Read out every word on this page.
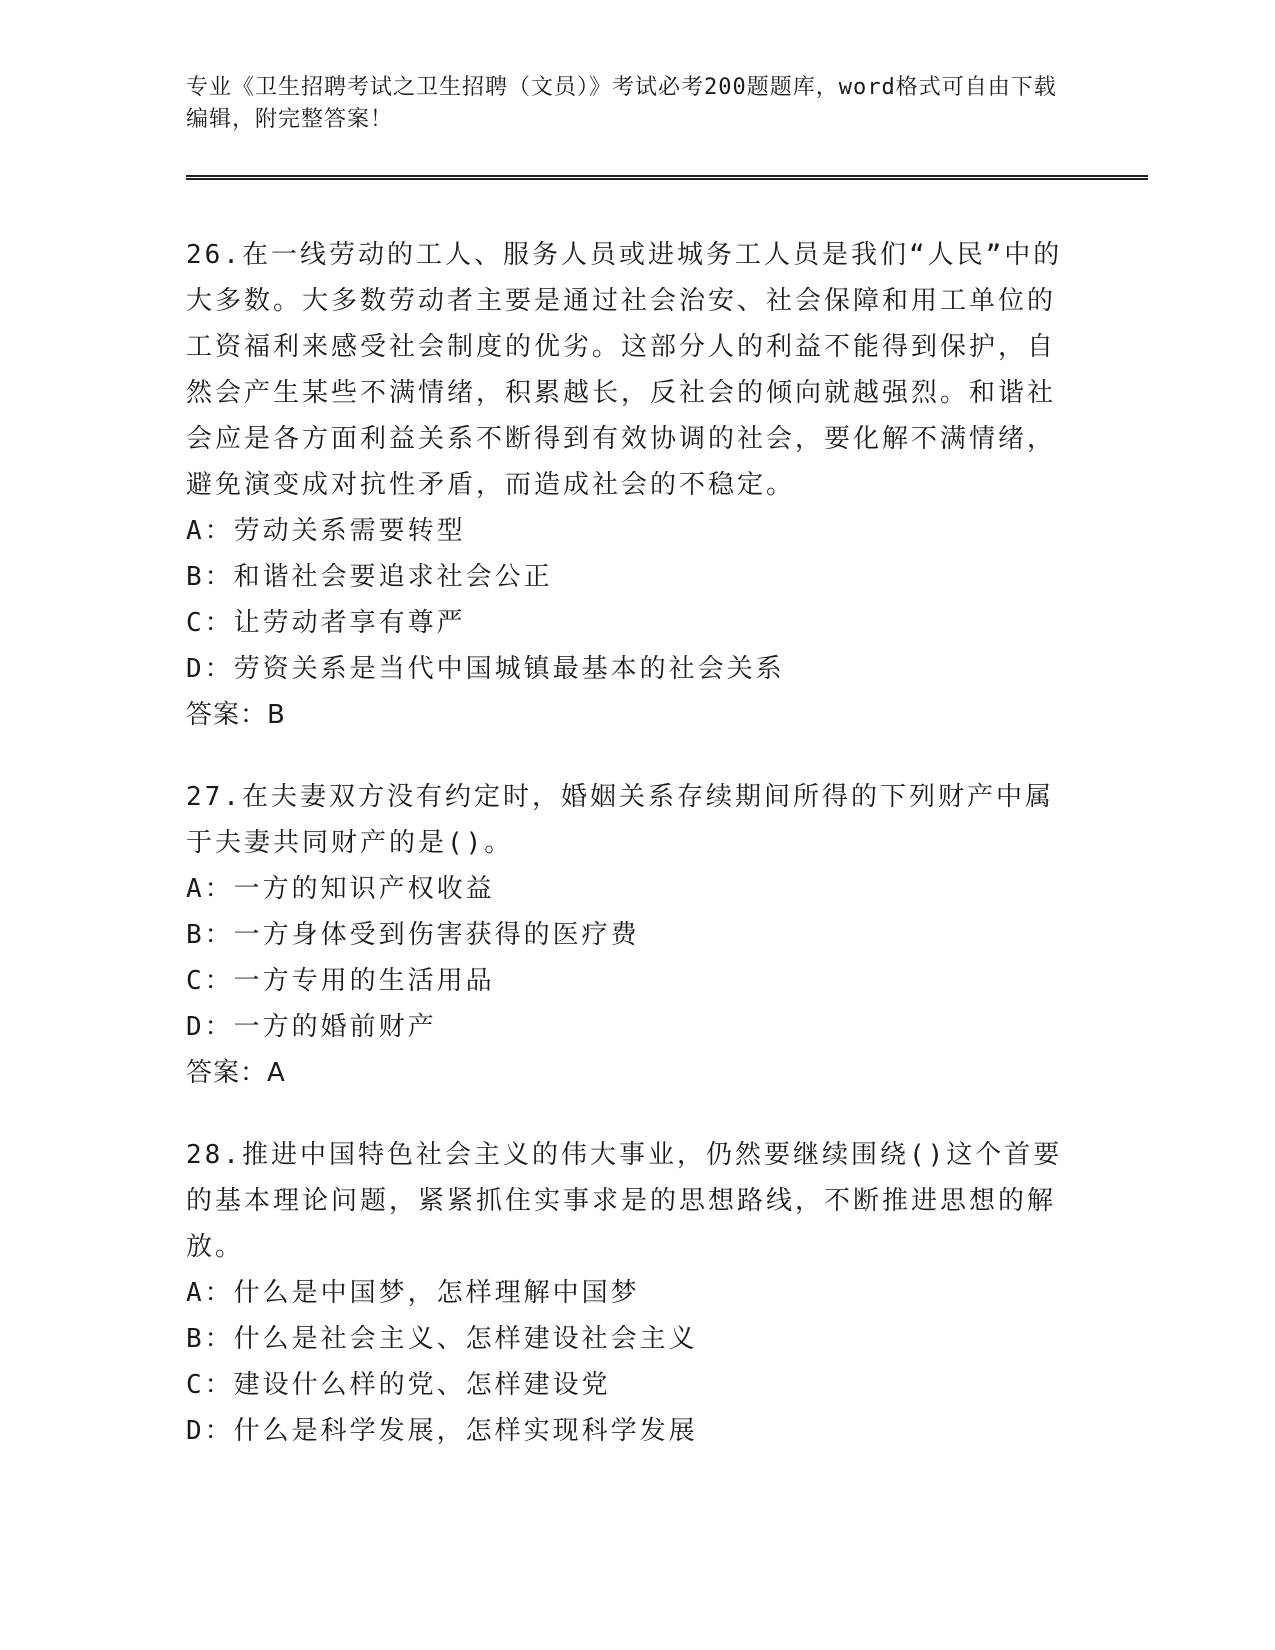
专业《卫生招聘考试之卫生招聘（文员）》考试必考200题题库，word格式可自由下载编辑，附完整答案！

26.在一线劳动的工人、服务人员或进城务工人员是我们“人民”中的大多数。大多数劳动者主要是通过社会治安、社会保障和用工单位的工资福利来感受社会制度的优劣。这部分人的利益不能得到保护，自然会产生某些不满情绪，积累越长，反社会的倾向就越强烈。和谐社会应是各方面利益关系不断得到有效协调的社会，要化解不满情绪，避免演变成对抗性矛盾，而造成社会的不稳定。

A：劳动关系需要转型

B：和谐社会要追求社会公正

C：让劳动者享有尊严

D：劳资关系是当代中国城镇最基本的社会关系

答案：B

27.在夫妻双方没有约定时，婚姻关系存续期间所得的下列财产中属于夫妻共同财产的是()。

A：一方的知识产权收益

B：一方身体受到伤害获得的医疗费

C：一方专用的生活用品

D：一方的婚前财产

答案：A

28.推进中国特色社会主义的伟大事业，仍然要继续围绕()这个首要的基本理论问题，紧紧抓住实事求是的思想路线，不断推进思想的解放。

A：什么是中国梦，怎样理解中国梦

B：什么是社会主义、怎样建设社会主义

C：建设什么样的党、怎样建设党

D：什么是科学发展，怎样实现科学发展
